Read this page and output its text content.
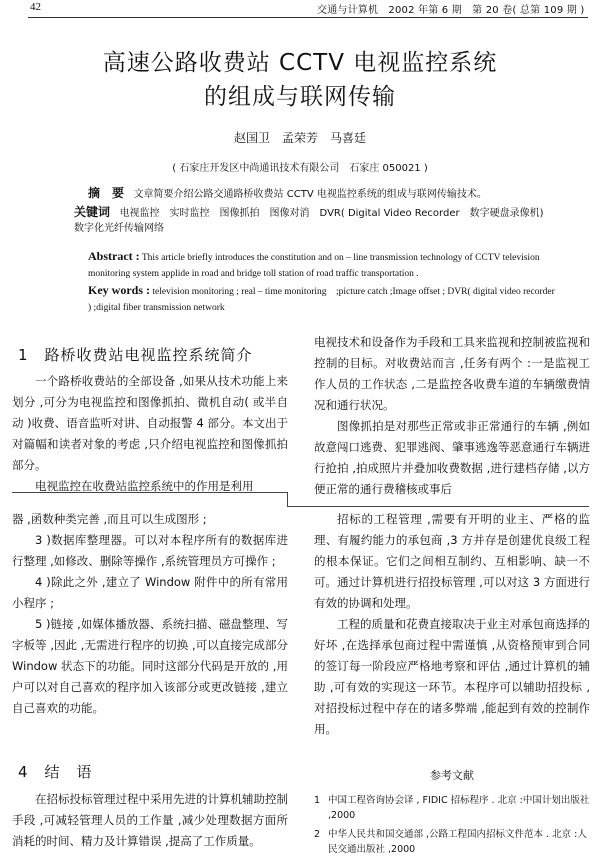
42	交通与计算机　2002 年第 6 期　第 20 卷( 总第 109 期 )
高速公路收费站 CCTV 电视监控系统
的组成与联网传输
赵国卫　孟荣芳　马喜廷
( 石家庄开发区中尚通讯技术有限公司　石家庄 050021 )
摘　要 文章简要介绍公路交通路桥收费站 CCTV 电视监控系统的组成与联网传输技术。
关键词 电视监控　实时监控　图像抓拍　图像对消　DVR( Digital Video Recorder　数字硬盘录像机)　数字化光纤传输网络
Abstract : This article briefly introduces the constitution and on – line transmission technology of CCTV television monitoring system applide in road and bridge toll station of road traffic transportation .
Key words : television monitoring ; real – time monitoring　;picture catch ;Image offset ; DVR( digital video recorder ) ;digital fiber transmission network
1　路桥收费站电视监控系统简介

一个路桥收费站的全部设备 ,如果从技术功能上来划分 ,可分为电视监控和图像抓拍、微机自动( 或半自动 )收费、语音监听对讲、自动报警 4 部分。本文出于对篇幅和读者对象的考虑 ,只介绍电视监控和图像抓拍部分。

电视监控在收费站监控系统中的作用是利用

电视技术和设备作为手段和工具来监视和控制被监视和控制的目标。对收费站而言 ,任务有两个 :一是监视工作人员的工作状态 ,二是监控各收费车道的车辆缴费情况和通行状况。

图像抓拍是对那些正常或非正常通行的车辆 ,例如故意闯口逃费、犯罪逃阀、肇事逃逸等恶意通行车辆进行抢拍 ,拍成照片并叠加收费数据 ,进行建档存储 ,以方便正常的通行费稽核或事后

器 ,函数种类完善 ,而且可以生成图形 ;

3 )数据库整理器。可以对本程序所有的数据库进行整理 ,如修改、删除等操作 ,系统管理员方可操作 ;

4 )除此之外 ,建立了 Window 附件中的所有常用小程序 ;

5 )链接 ,如媒体播放器、系统扫描、磁盘整理、写字板等 ,因此 ,无需进行程序的切换 ,可以直接完成部分 Window 状态下的功能。同时这部分代码是开放的 ,用户可以对自己喜欢的程序加入该部分或更改链接 ,建立自己喜欢的功能。

4　结　语

在招标投标管理过程中采用先进的计算机辅助控制手段 ,可减轻管理人员的工作量 ,减少处理数据方面所消耗的时间、精力及计算错误 ,提高了工作质量。

招标的工程管理 ,需要有开明的业主、严格的监理、有履约能力的承包商 ,3 方并存是创建优良级工程的根本保证。它们之间相互制约、互相影响、缺一不可。通过计算机进行招投标管理 ,可以对这 3 方面进行有效的协调和处理。

工程的质量和花费直接取决于业主对承包商选择的好坏 ,在选择承包商过程中需谨慎 ,从资格预审到合同的签订每一阶段应严格地考察和评估 ,通过计算机的辅助 ,可有效的实现这一环节。本程序可以辅助招投标 ,对招投标过程中存在的诸多弊端 ,能起到有效的控制作用。

参考文献
1 中国工程咨询协会译 , FIDIC 招标程序 . 北京 :中国计划出版社 ,2000
2 中华人民共和国交通部 ,公路工程国内招标文件范本 . 北京 :人民交通出版社 ,2000
